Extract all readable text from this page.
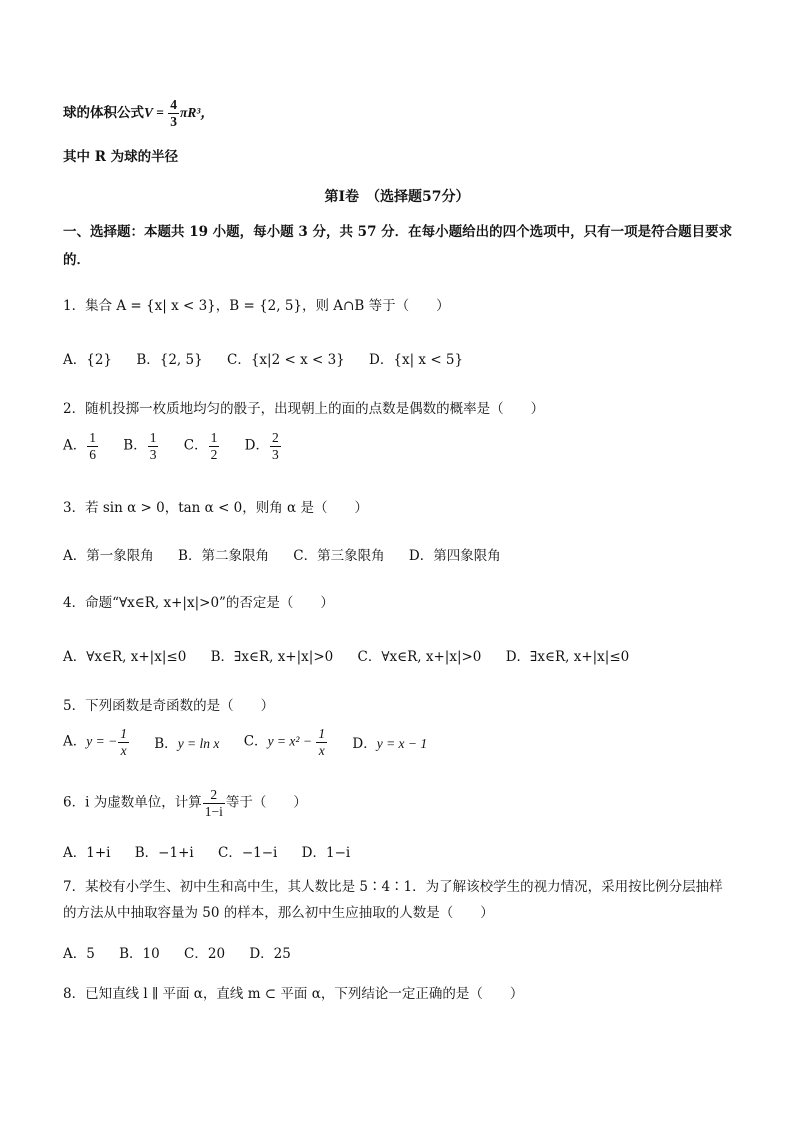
球的体积公式$V = \frac{4}{3} \pi R^3$，
其中 R 为球的半径
第Ⅰ卷　（选择题57分）
一、选择题：本题共 19 小题，每小题 3 分，共 57 分．在每小题给出的四个选项中，只有一项是符合题目要求的．
1．集合 A = {x| x < 3}，B = {2, 5}，则 A∩B 等于（　　）
A．{2} B．{2, 5} C．{x|2 < x < 3} D．{x| x < 5}
2．随机投掷一枚质地均匀的骰子，出现朝上的面的点数是偶数的概率是（　　）
A． $\frac{1}{6}$ B． $\frac{1}{3}$ C． $\frac{1}{2}$ D． $\frac{2}{3}$
3．若 sin α > 0，tan α < 0，则角 α 是（　　）
A．第一象限角 B．第二象限角 C．第三象限角 D．第四象限角
4．命题“∀x∈R, x+|x|>0”的否定是（　　）
A．∀x∈R, x+|x|≤0 B．∃x∈R, x+|x|>0 C．∀x∈R, x+|x|>0 D．∃x∈R, x+|x|≤0
5．下列函数是奇函数的是（　　）
A．y = − $\frac{1}{x}$ B．y = ln x C．$y = x^2 - \frac{1}{x}$ D．y = x − 1
6．i 为虚数单位，计算 $\frac{2}{1-i}$ 等于（　　）
A．1+i B．−1+i C．−1−i D．1−i
7．某校有小学生、初中生和高中生，其人数比是 5∶4∶1．为了解该校学生的视力情况，采用按比例分层抽样的方法从中抽取容量为 50 的样本，那么初中生应抽取的人数是（　　）
A．5 B．10 C．20 D．25
8．已知直线 l ∥ 平面 α，直线 m ⊂ 平面 α，下列结论一定正确的是（　　）
